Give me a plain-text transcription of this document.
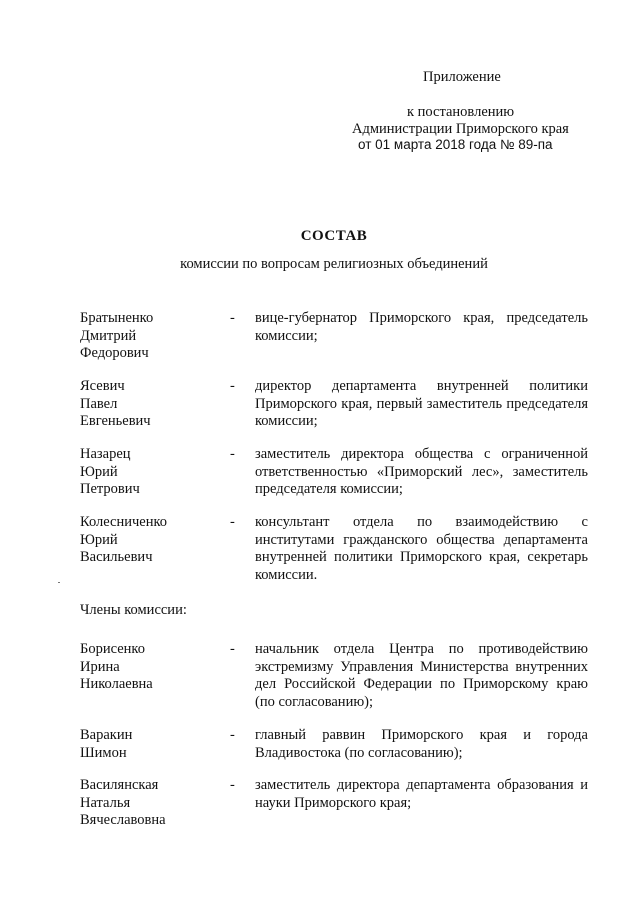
Приложение
к постановлению
Администрации Приморского края
от 01 марта 2018 года № 89-па
СОСТАВ
комиссии по вопросам религиозных объединений
Братыненко
Дмитрий
Федорович
- вице-губернатор Приморского края, председатель комиссии;
Ясевич
Павел
Евгеньевич
- директор департамента внутренней политики Приморского края, первый заместитель председателя комиссии;
Назарец
Юрий
Петрович
- заместитель директора общества с ограниченной ответственностью «Приморский лес», заместитель председателя комиссии;
Колесниченко
Юрий
Васильевич
- консультант отдела по взаимодействию с институтами гражданского общества департамента внутренней политики Приморского края, секретарь комиссии.
Члены комиссии:
Борисенко
Ирина
Николаевна
- начальник отдела Центра по противодействию экстремизму Управления Министерства внутренних дел Российской Федерации по Приморскому краю (по согласованию);
Варакин
Шимон
- главный раввин Приморского края и города Владивостока (по согласованию);
Василянская
Наталья
Вячеславовна
- заместитель директора департамента образования и науки Приморского края;
